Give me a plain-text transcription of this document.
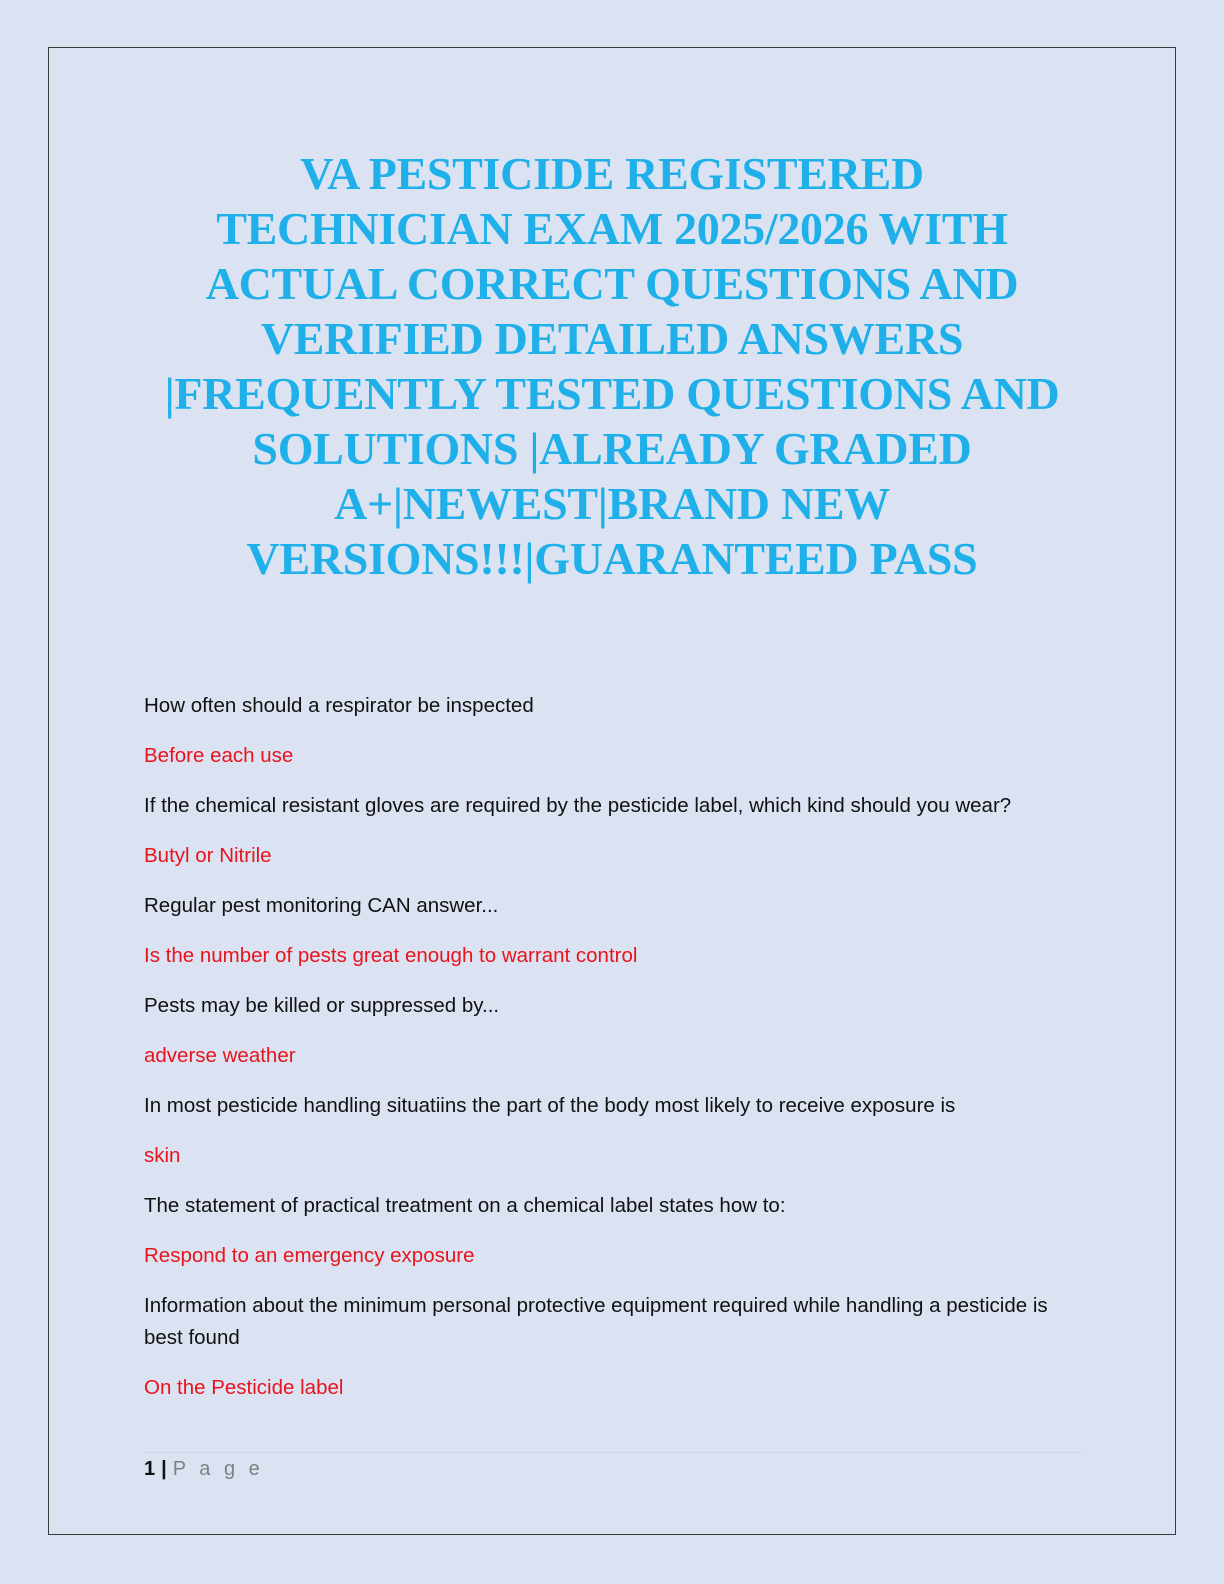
VA PESTICIDE REGISTERED
TECHNICIAN EXAM 2025/2026 WITH
ACTUAL CORRECT QUESTIONS AND
VERIFIED DETAILED ANSWERS
|FREQUENTLY TESTED QUESTIONS AND
SOLUTIONS |ALREADY GRADED
A+|NEWEST|BRAND NEW
VERSIONS!!!|GUARANTEED PASS

How often should a respirator be inspected

Before each use

If the chemical resistant gloves are required by the pesticide label, which kind should you wear?

Butyl or Nitrile

Regular pest monitoring CAN answer...

Is the number of pests great enough to warrant control

Pests may be killed or suppressed by...

adverse weather

In most pesticide handling situatiins the part of the body most likely to receive exposure is

skin

The statement of practical treatment on a chemical label states how to:

Respond to an emergency exposure

Information about the minimum personal protective equipment required while handling a pesticide is best found

On the Pesticide label

1 | P a g e
